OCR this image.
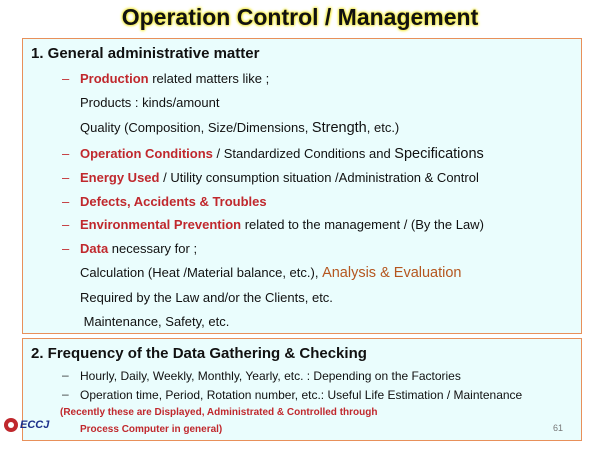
Operation Control / Management
1. General administrative matter
– Production related matters like ;
Products : kinds/amount
Quality (Composition, Size/Dimensions, Strength, etc.)
– Operation Conditions / Standardized Conditions and Specifications
– Energy Used / Utility consumption situation /Administration & Control
– Defects, Accidents & Troubles
– Environmental Prevention related to the management / (By the Law)
– Data necessary for ;
Calculation (Heat /Material balance, etc.), Analysis & Evaluation
Required by the Law and/or the Clients, etc.
Maintenance, Safety, etc.
2. Frequency of the Data Gathering & Checking
– Hourly, Daily, Weekly, Monthly, Yearly, etc. : Depending on the Factories
– Operation time, Period, Rotation number, etc.: Useful Life Estimation / Maintenance
(Recently these are Displayed, Administrated & Controlled through
Process Computer in general)
ECCJ	61
